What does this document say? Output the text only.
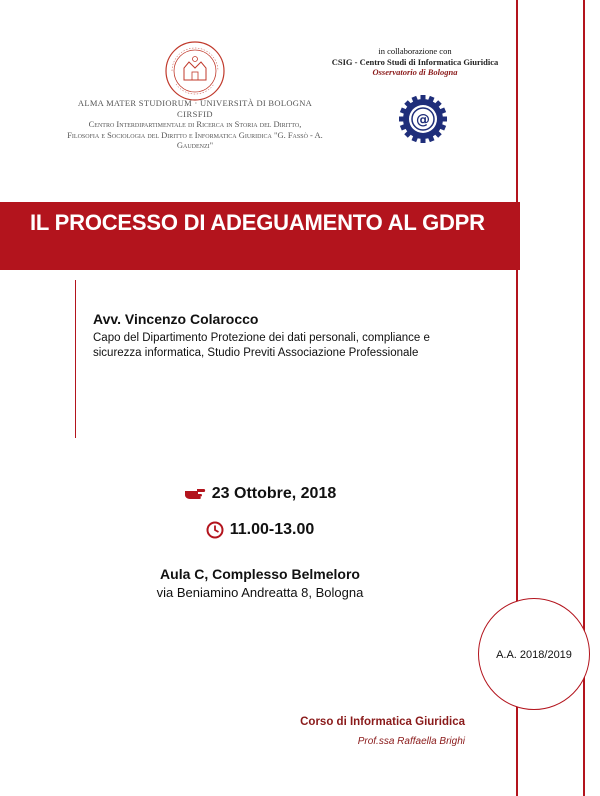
ALMA MATER STUDIORUM · UNIVERSITÀ DI BOLOGNA
CIRSFID
Centro Interdipartimentale di Ricerca in Storia del Diritto,
Filosofia e Sociologia del Diritto e Informatica Giuridica "G. Fassò - A. Gaudenzi"
in collaborazione con
CSIG - Centro Studi di Informatica Giuridica
Osservatorio di Bologna
@
IL PROCESSO DI ADEGUAMENTO AL GDPR
Avv. Vincenzo Colarocco
Capo del Dipartimento Protezione dei dati personali, compliance e sicurezza informatica, Studio Previti Associazione Professionale
23 Ottobre, 2018
11.00-13.00
Aula C, Complesso Belmeloro
via Beniamino Andreatta 8, Bologna
A.A. 2018/2019
Corso di Informatica Giuridica
Prof.ssa Raffaella Brighi
